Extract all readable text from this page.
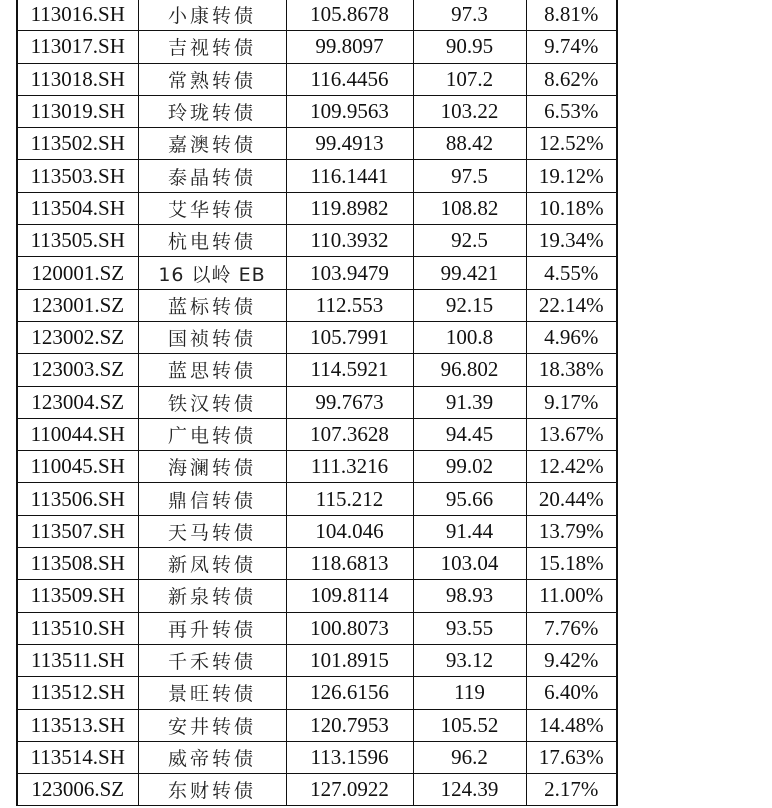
113016.SH	小康转债	105.8678	97.3	8.81%
113017.SH	吉视转债	99.8097	90.95	9.74%
113018.SH	常熟转债	116.4456	107.2	8.62%
113019.SH	玲珑转债	109.9563	103.22	6.53%
113502.SH	嘉澳转债	99.4913	88.42	12.52%
113503.SH	泰晶转债	116.1441	97.5	19.12%
113504.SH	艾华转债	119.8982	108.82	10.18%
113505.SH	杭电转债	110.3932	92.5	19.34%
120001.SZ	16 以岭 EB	103.9479	99.421	4.55%
123001.SZ	蓝标转债	112.553	92.15	22.14%
123002.SZ	国祯转债	105.7991	100.8	4.96%
123003.SZ	蓝思转债	114.5921	96.802	18.38%
123004.SZ	铁汉转债	99.7673	91.39	9.17%
110044.SH	广电转债	107.3628	94.45	13.67%
110045.SH	海澜转债	111.3216	99.02	12.42%
113506.SH	鼎信转债	115.212	95.66	20.44%
113507.SH	天马转债	104.046	91.44	13.79%
113508.SH	新凤转债	118.6813	103.04	15.18%
113509.SH	新泉转债	109.8114	98.93	11.00%
113510.SH	再升转债	100.8073	93.55	7.76%
113511.SH	千禾转债	101.8915	93.12	9.42%
113512.SH	景旺转债	126.6156	119	6.40%
113513.SH	安井转债	120.7953	105.52	14.48%
113514.SH	威帝转债	113.1596	96.2	17.63%
123006.SZ	东财转债	127.0922	124.39	2.17%
